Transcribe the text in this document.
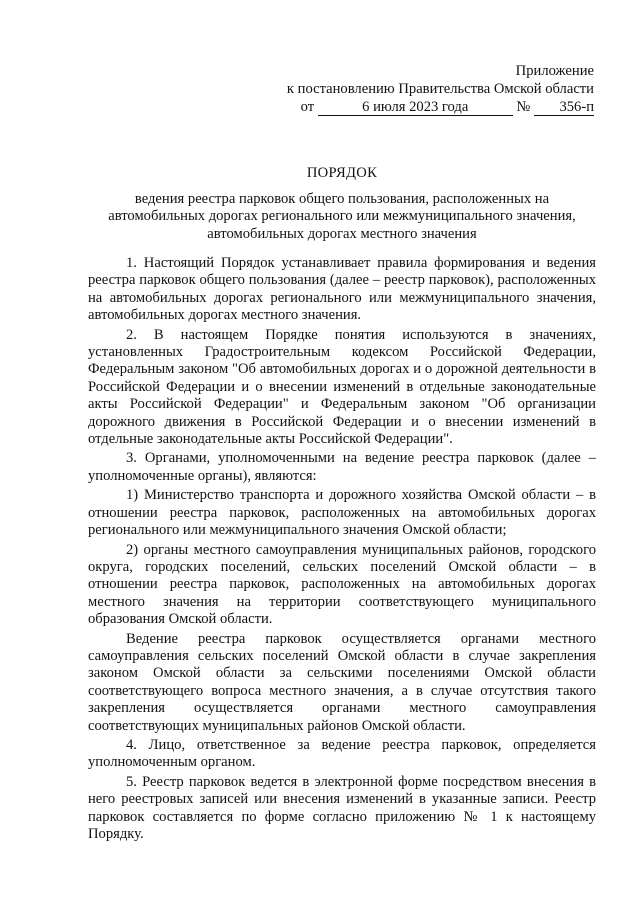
Приложение
к постановлению Правительства Омской области
от	6 июля 2023 года	№ 356-п
ПОРЯДОК
ведения реестра парковок общего пользования, расположенных на автомобильных дорогах регионального или межмуниципального значения, автомобильных дорогах местного значения

1. Настоящий Порядок устанавливает правила формирования и ведения реестра парковок общего пользования (далее – реестр парковок), расположенных на автомобильных дорогах регионального или межмуниципального значения, автомобильных дорогах местного значения.

2. В настоящем Порядке понятия используются в значениях, установленных Градостроительным кодексом Российской Федерации, Федеральным законом "Об автомобильных дорогах и о дорожной деятельности в Российской Федерации и о внесении изменений в отдельные законодательные акты Российской Федерации" и Федеральным законом "Об организации дорожного движения в Российской Федерации и о внесении изменений в отдельные законодательные акты Российской Федерации".

3. Органами, уполномоченными на ведение реестра парковок (далее – уполномоченные органы), являются:

1) Министерство транспорта и дорожного хозяйства Омской области – в отношении реестра парковок, расположенных на автомобильных дорогах регионального или межмуниципального значения Омской области;

2) органы местного самоуправления муниципальных районов, городского округа, городских поселений, сельских поселений Омской области – в отношении реестра парковок, расположенных на автомобильных дорогах местного значения на территории соответствующего муниципального образования Омской области.

Ведение реестра парковок осуществляется органами местного самоуправления сельских поселений Омской области в случае закрепления законом Омской области за сельскими поселениями Омской области соответствующего вопроса местного значения, а в случае отсутствия такого закрепления осуществляется органами местного самоуправления соответствующих муниципальных районов Омской области.

4. Лицо, ответственное за ведение реестра парковок, определяется уполномоченным органом.

5. Реестр парковок ведется в электронной форме посредством внесения в него реестровых записей или внесения изменений в указанные записи. Реестр парковок составляется по форме согласно приложению № 1 к настоящему Порядку.
